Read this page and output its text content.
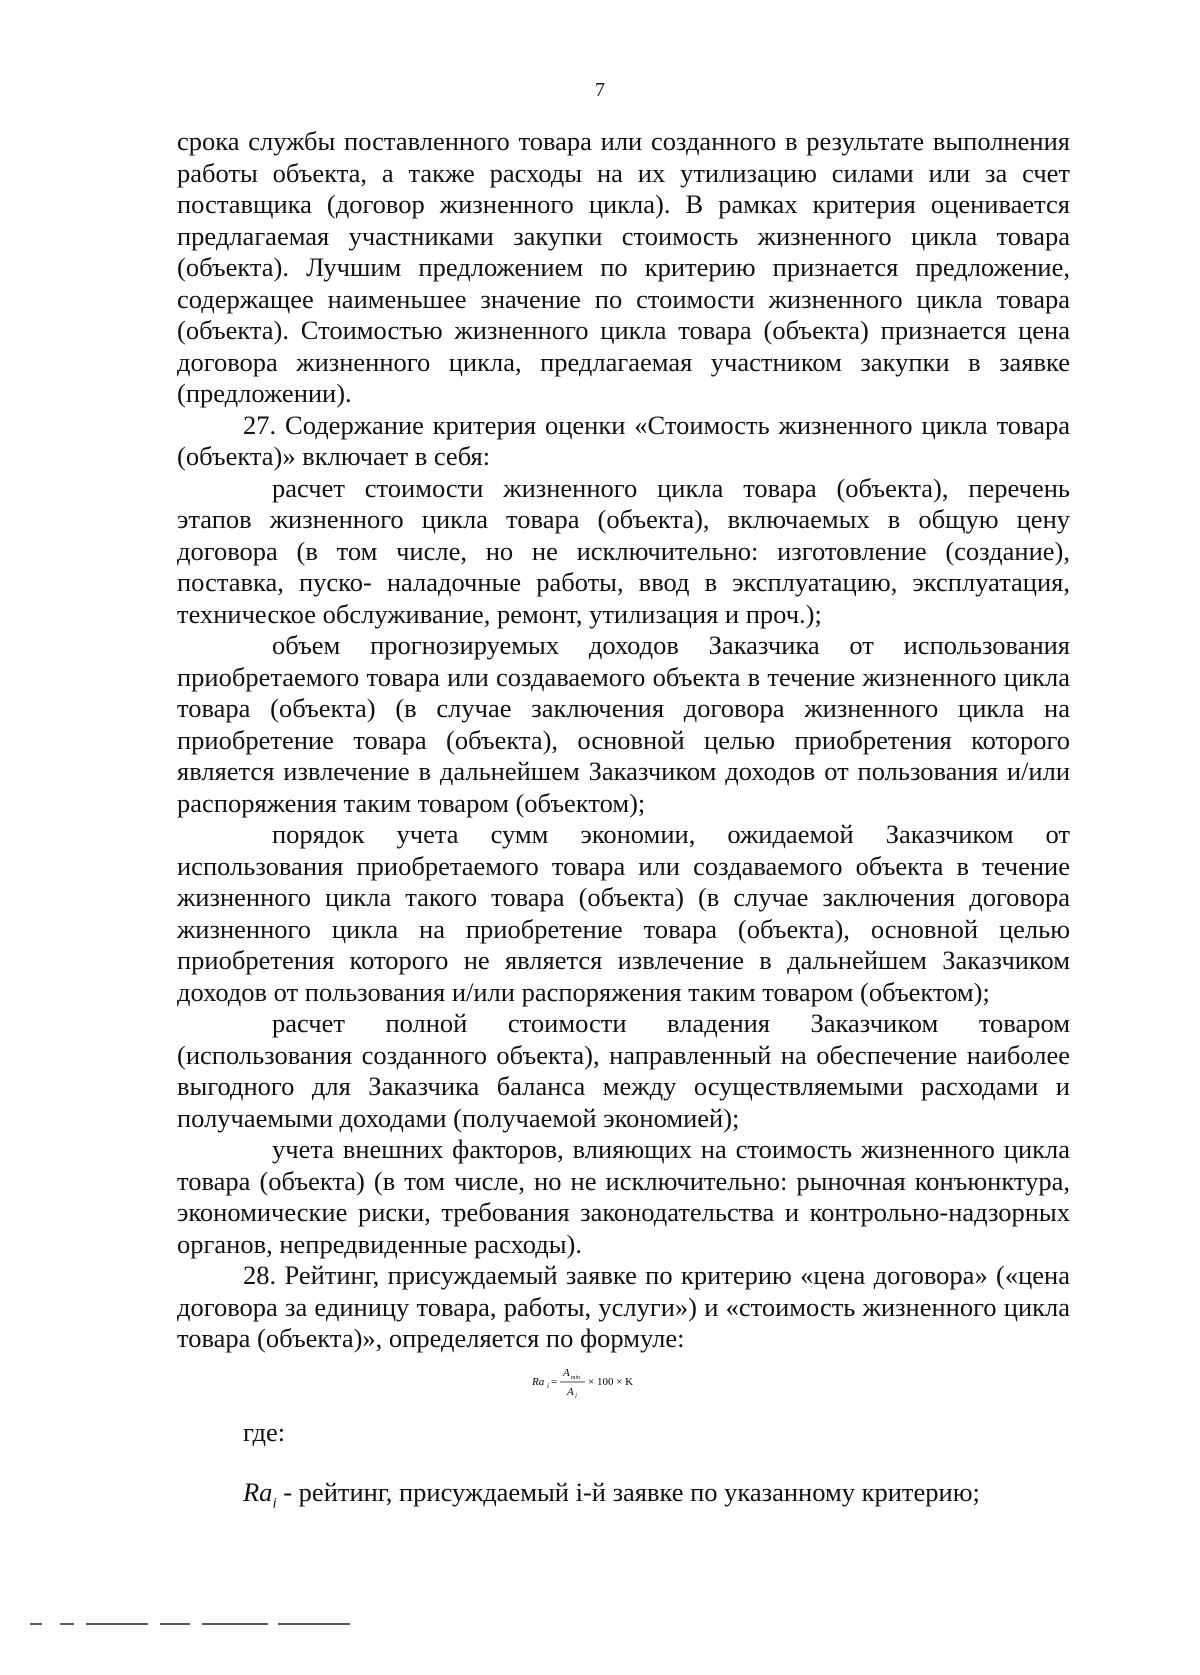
7

срока службы поставленного товара или созданного в результате выполнения работы объекта, а также расходы на их утилизацию силами или за счет поставщика (договор жизненного цикла). В рамках критерия оценивается предлагаемая участниками закупки стоимость жизненного цикла товара (объекта). Лучшим предложением по критерию признается предложение, содержащее наименьшее значение по стоимости жизненного цикла товара (объекта). Стоимостью жизненного цикла товара (объекта) признается цена договора жизненного цикла, предлагаемая участником закупки в заявке (предложении).

27. Содержание критерия оценки «Стоимость жизненного цикла товара (объекта)» включает в себя:

расчет стоимости жизненного цикла товара (объекта), перечень этапов жизненного цикла товара (объекта), включаемых в общую цену договора (в том числе, но не исключительно: изготовление (создание), поставка, пуско- наладочные работы, ввод в эксплуатацию, эксплуатация, техническое обслуживание, ремонт, утилизация и проч.);

объем прогнозируемых доходов Заказчика от использования приобретаемого товара или создаваемого объекта в течение жизненного цикла товара (объекта) (в случае заключения договора жизненного цикла на приобретение товара (объекта), основной целью приобретения которого является извлечение в дальнейшем Заказчиком доходов от пользования и/или распоряжения таким товаром (объектом);

порядок учета сумм экономии, ожидаемой Заказчиком от использования приобретаемого товара или создаваемого объекта в течение жизненного цикла такого товара (объекта) (в случае заключения договора жизненного цикла на приобретение товара (объекта), основной целью приобретения которого не является извлечение в дальнейшем Заказчиком доходов от пользования и/или распоряжения таким товаром (объектом);

расчет полной стоимости владения Заказчиком товаром (использования созданного объекта), направленный на обеспечение наиболее выгодного для Заказчика баланса между осуществляемыми расходами и получаемыми доходами (получаемой экономией);

учета внешних факторов, влияющих на стоимость жизненного цикла товара (объекта) (в том числе, но не исключительно: рыночная конъюнктура, экономические риски, требования законодательства и контрольно-надзорных органов, непредвиденные расходы).

28. Рейтинг, присуждаемый заявке по критерию «цена договора» («цена договора за единицу товара, работы, услуги») и «стоимость жизненного цикла товара (объекта)», определяется по формуле:

Ra i =
A min
A i
× 100 × K
где:
$Ra_i$ - рейтинг, присуждаемый i-й заявке по указанному критерию;
